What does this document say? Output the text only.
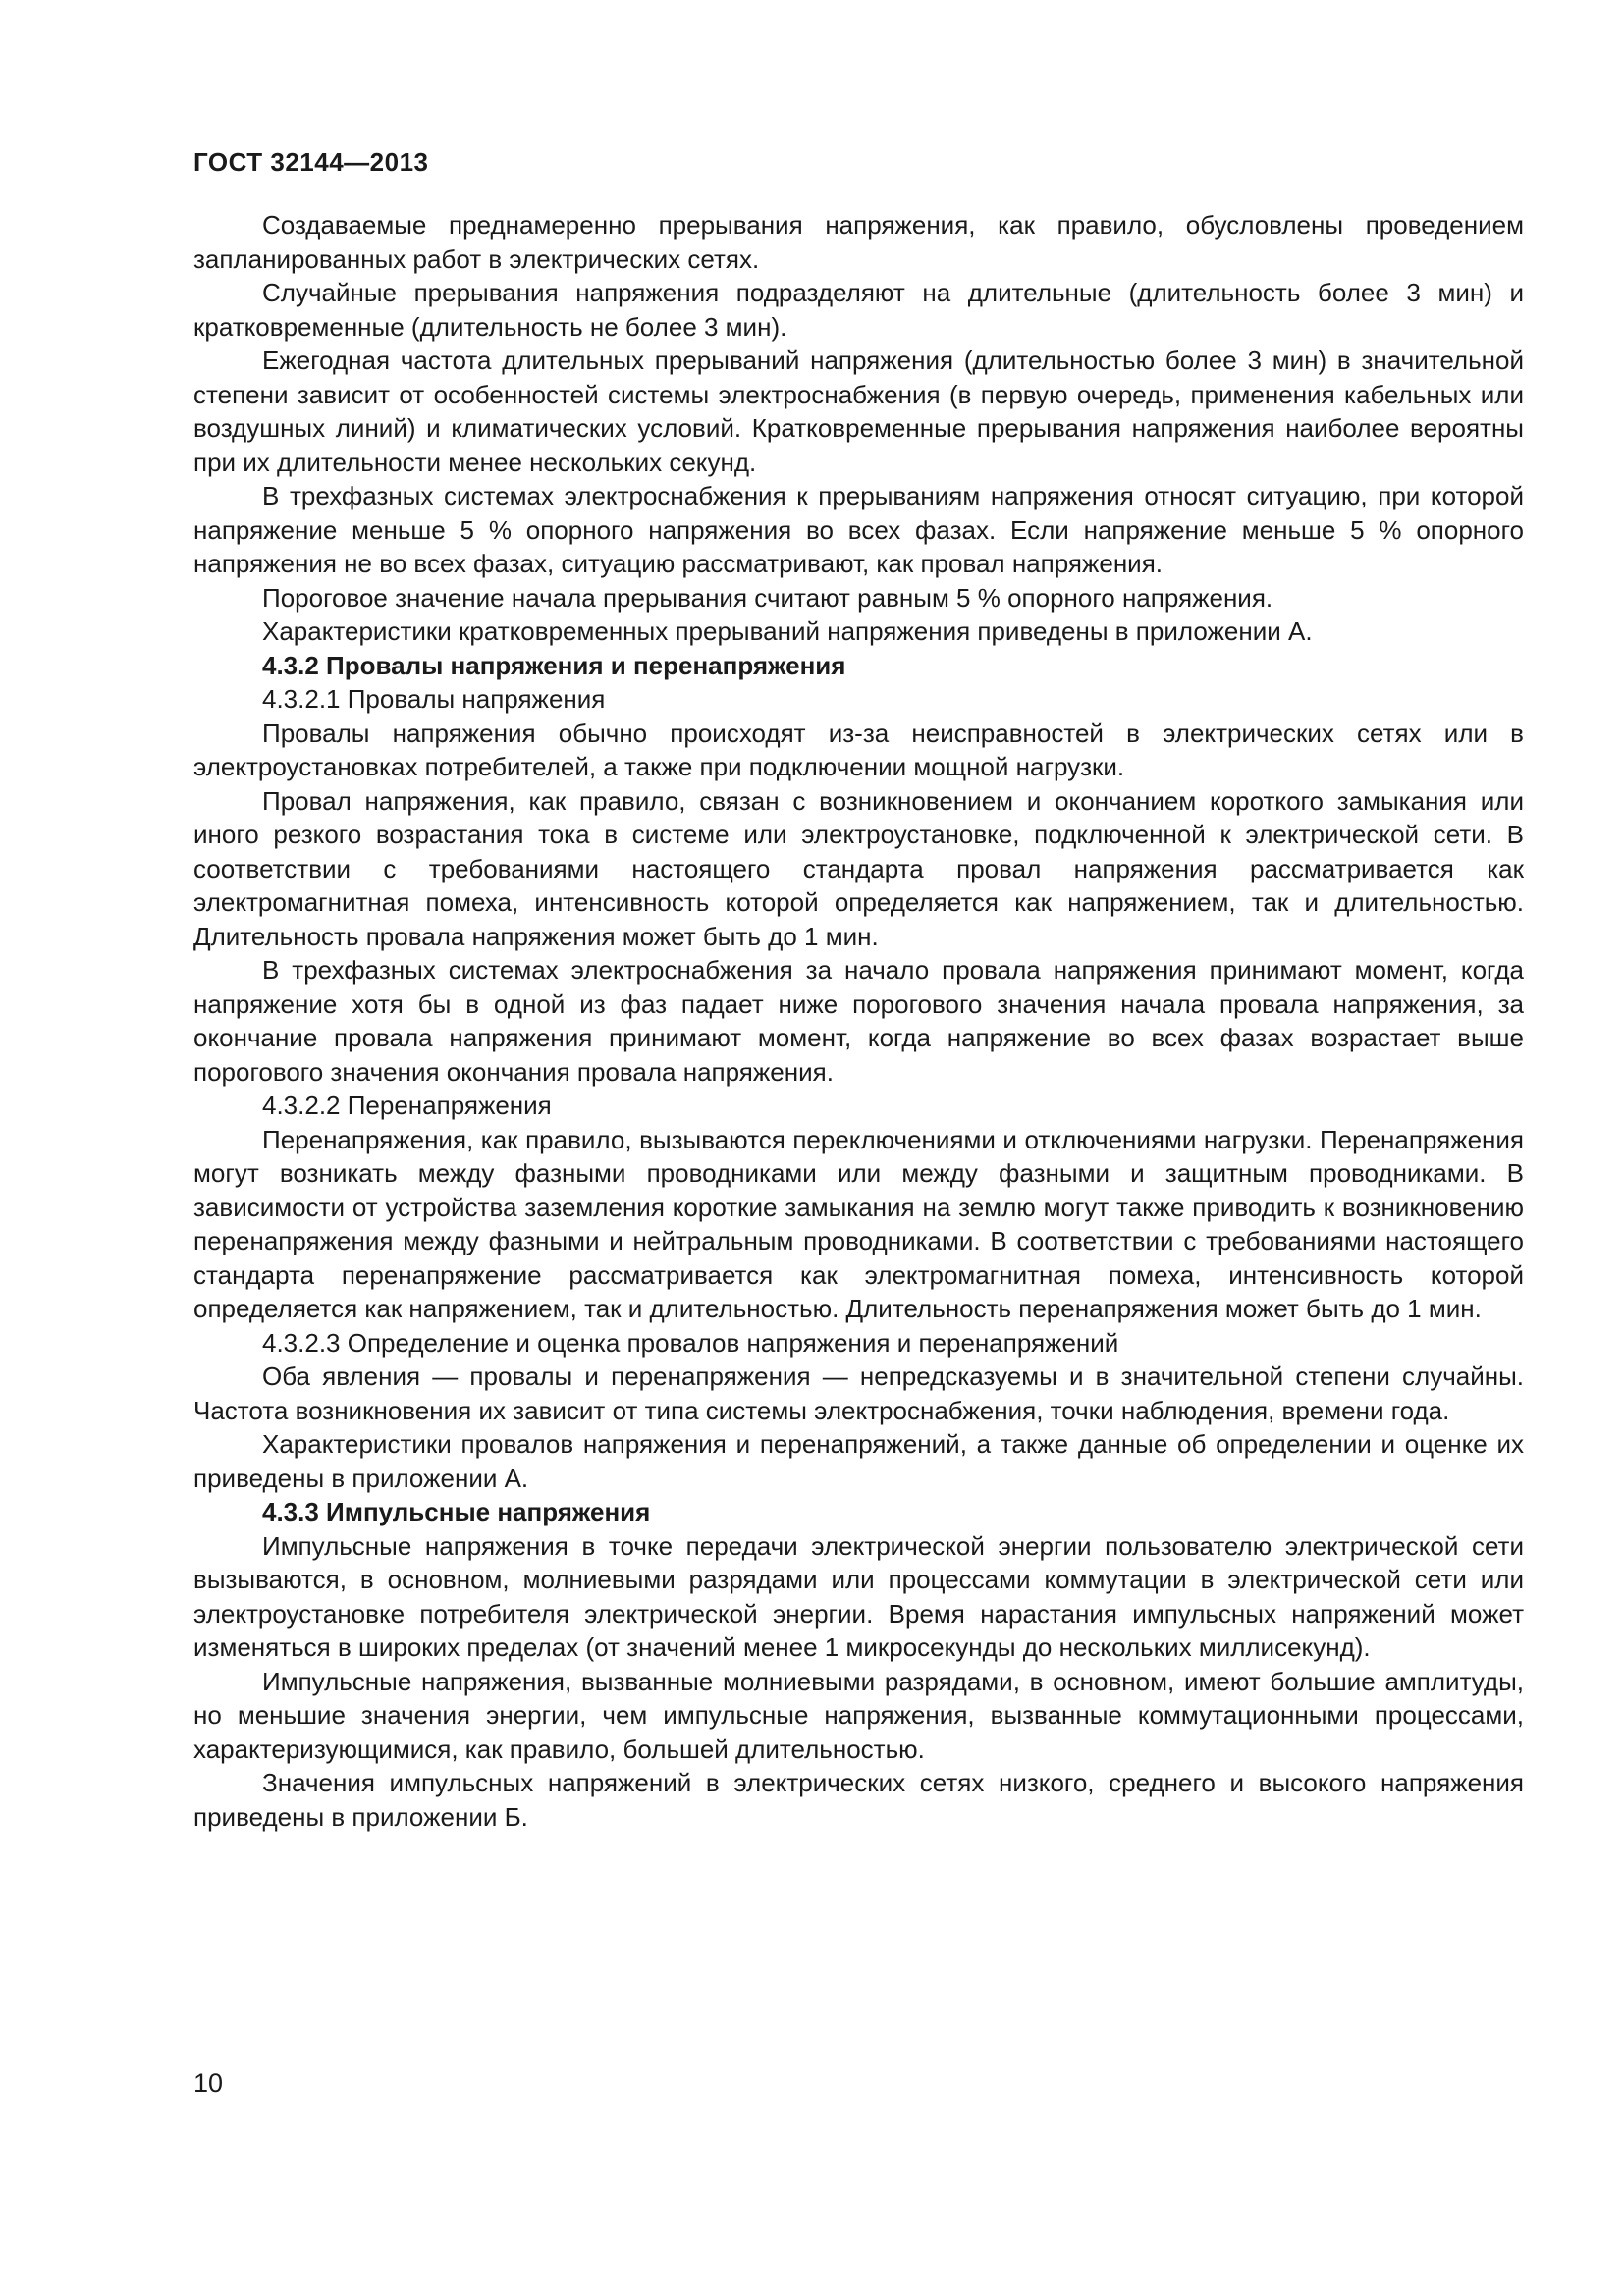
ГОСТ 32144—2013

Создаваемые преднамеренно прерывания напряжения, как правило, обусловлены проведением запланированных работ в электрических сетях.

Случайные прерывания напряжения подразделяют на длительные (длительность более 3 мин) и кратковременные (длительность не более 3 мин).

Ежегодная частота длительных прерываний напряжения (длительностью более 3 мин) в значительной степени зависит от особенностей системы электроснабжения (в первую очередь, применения кабельных или воздушных линий) и климатических условий. Кратковременные прерывания напряжения наиболее вероятны при их длительности менее нескольких секунд.

В трехфазных системах электроснабжения к прерываниям напряжения относят ситуацию, при которой напряжение меньше 5 % опорного напряжения во всех фазах. Если напряжение меньше 5 % опорного напряжения не во всех фазах, ситуацию рассматривают, как провал напряжения.

Пороговое значение начала прерывания считают равным 5 % опорного напряжения.

Характеристики кратковременных прерываний напряжения приведены в приложении А.

4.3.2 Провалы напряжения и перенапряжения

4.3.2.1 Провалы напряжения

Провалы напряжения обычно происходят из-за неисправностей в электрических сетях или в электроустановках потребителей, а также при подключении мощной нагрузки.

Провал напряжения, как правило, связан с возникновением и окончанием короткого замыкания или иного резкого возрастания тока в системе или электроустановке, подключенной к электрической сети. В соответствии с требованиями настоящего стандарта провал напряжения рассматривается как электромагнитная помеха, интенсивность которой определяется как напряжением, так и длительностью. Длительность провала напряжения может быть до 1 мин.

В трехфазных системах электроснабжения за начало провала напряжения принимают момент, когда напряжение хотя бы в одной из фаз падает ниже порогового значения начала провала напряжения, за окончание провала напряжения принимают момент, когда напряжение во всех фазах возрастает выше порогового значения окончания провала напряжения.

4.3.2.2 Перенапряжения

Перенапряжения, как правило, вызываются переключениями и отключениями нагрузки. Перенапряжения могут возникать между фазными проводниками или между фазными и защитным проводниками. В зависимости от устройства заземления короткие замыкания на землю могут также приводить к возникновению перенапряжения между фазными и нейтральным проводниками. В соответствии с требованиями настоящего стандарта перенапряжение рассматривается как электромагнитная помеха, интенсивность которой определяется как напряжением, так и длительностью. Длительность перенапряжения может быть до 1 мин.

4.3.2.3 Определение и оценка провалов напряжения и перенапряжений

Оба явления — провалы и перенапряжения — непредсказуемы и в значительной степени случайны. Частота возникновения их зависит от типа системы электроснабжения, точки наблюдения, времени года.

Характеристики провалов напряжения и перенапряжений, а также данные об определении и оценке их приведены в приложении А.

4.3.3 Импульсные напряжения

Импульсные напряжения в точке передачи электрической энергии пользователю электрической сети вызываются, в основном, молниевыми разрядами или процессами коммутации в электрической сети или электроустановке потребителя электрической энергии. Время нарастания импульсных напряжений может изменяться в широких пределах (от значений менее 1 микросекунды до нескольких миллисекунд).

Импульсные напряжения, вызванные молниевыми разрядами, в основном, имеют большие амплитуды, но меньшие значения энергии, чем импульсные напряжения, вызванные коммутационными процессами, характеризующимися, как правило, большей длительностью.

Значения импульсных напряжений в электрических сетях низкого, среднего и высокого напряжения приведены в приложении Б.

10
